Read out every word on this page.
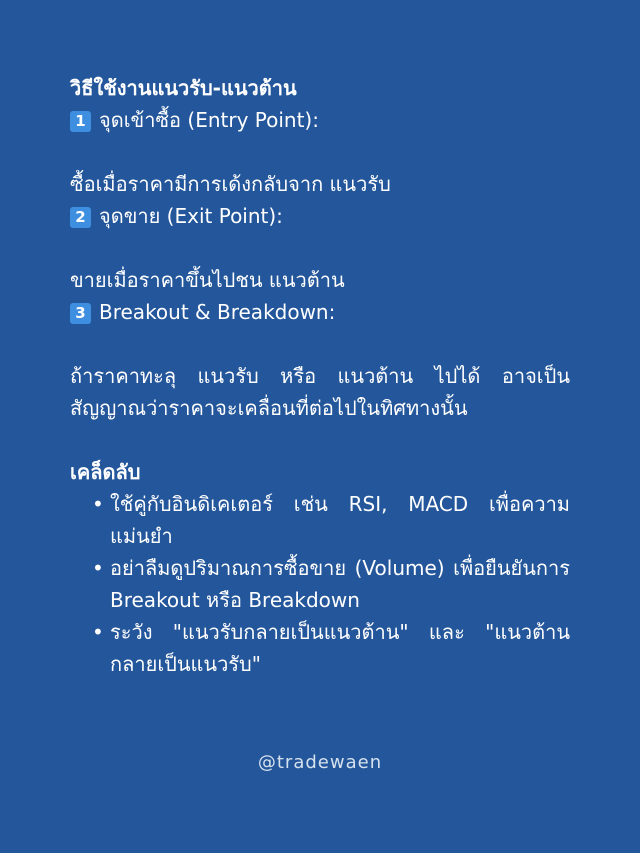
วิธีใช้งานแนวรับ-แนวต้าน

1 จุดเข้าซื้อ (Entry Point):

ซื้อเมื่อราคามีการเด้งกลับจาก แนวรับ

2 จุดขาย (Exit Point):

ขายเมื่อราคาขึ้นไปชน แนวต้าน

3 Breakout & Breakdown:

ถ้าราคาทะลุ แนวรับ หรือ แนวต้าน ไปได้ อาจเป็นสัญญาณว่าราคาจะเคลื่อนที่ต่อไปในทิศทางนั้น

เคล็ดลับ

• ใช้คู่กับอินดิเคเตอร์ เช่น RSI, MACD เพื่อความแม่นยำ
• อย่าลืมดูปริมาณการซื้อขาย (Volume) เพื่อยืนยันการ Breakout หรือ Breakdown
• ระวัง "แนวรับกลายเป็นแนวต้าน" และ "แนวต้านกลายเป็นแนวรับ"
@tradewaen
